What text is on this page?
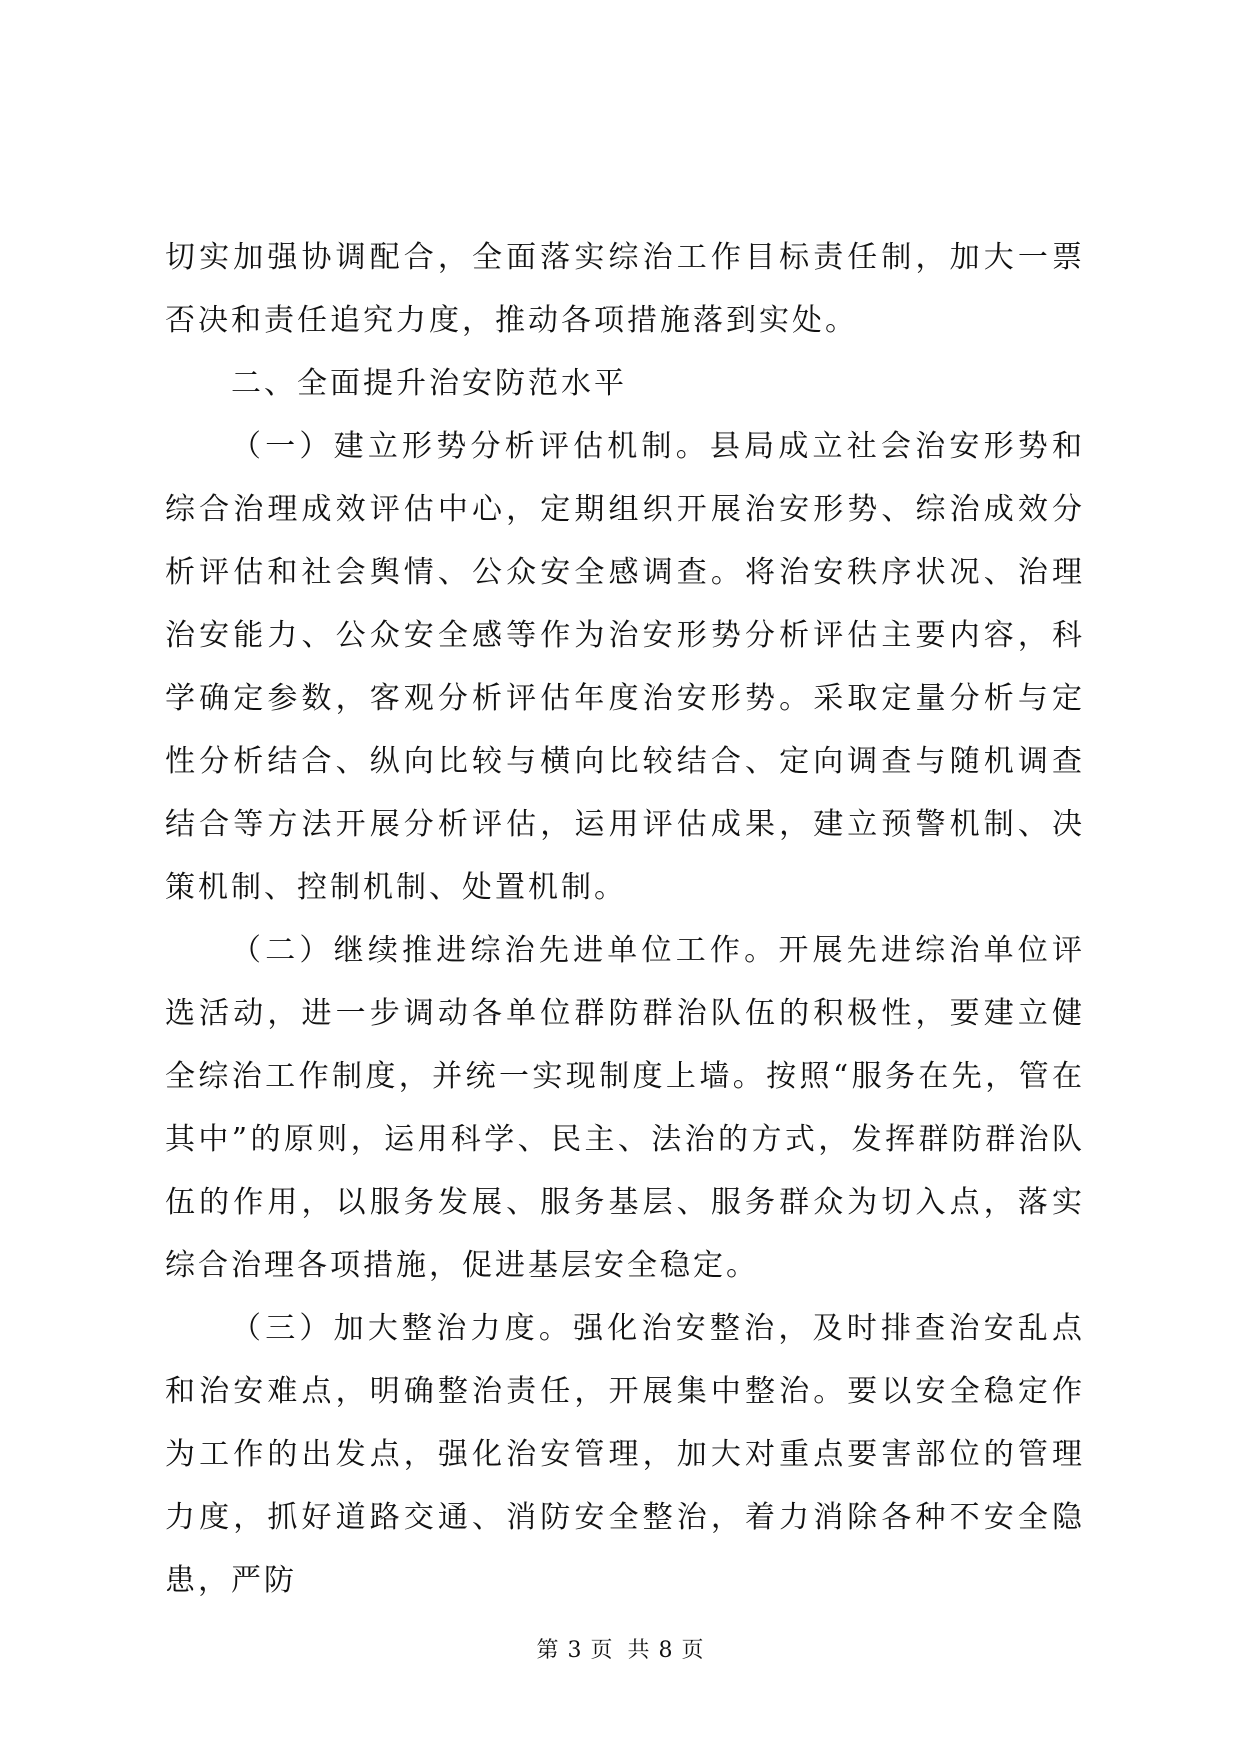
切实加强协调配合，全面落实综治工作目标责任制，加大一票否决和责任追究力度，推动各项措施落到实处。

二、全面提升治安防范水平

（一）建立形势分析评估机制。县局成立社会治安形势和综合治理成效评估中心，定期组织开展治安形势、综治成效分析评估和社会舆情、公众安全感调查。将治安秩序状况、治理治安能力、公众安全感等作为治安形势分析评估主要内容，科学确定参数，客观分析评估年度治安形势。采取定量分析与定性分析结合、纵向比较与横向比较结合、定向调查与随机调查结合等方法开展分析评估，运用评估成果，建立预警机制、决策机制、控制机制、处置机制。

（二）继续推进综治先进单位工作。开展先进综治单位评选活动，进一步调动各单位群防群治队伍的积极性，要建立健全综治工作制度，并统一实现制度上墙。按照“服务在先，管在其中”的原则，运用科学、民主、法治的方式，发挥群防群治队伍的作用，以服务发展、服务基层、服务群众为切入点，落实综合治理各项措施，促进基层安全稳定。

（三）加大整治力度。强化治安整治，及时排查治安乱点和治安难点，明确整治责任，开展集中整治。要以安全稳定作为工作的出发点，强化治安管理，加大对重点要害部位的管理力度，抓好道路交通、消防安全整治，着力消除各种不安全隐患，严防

第 3 页 共 8 页
